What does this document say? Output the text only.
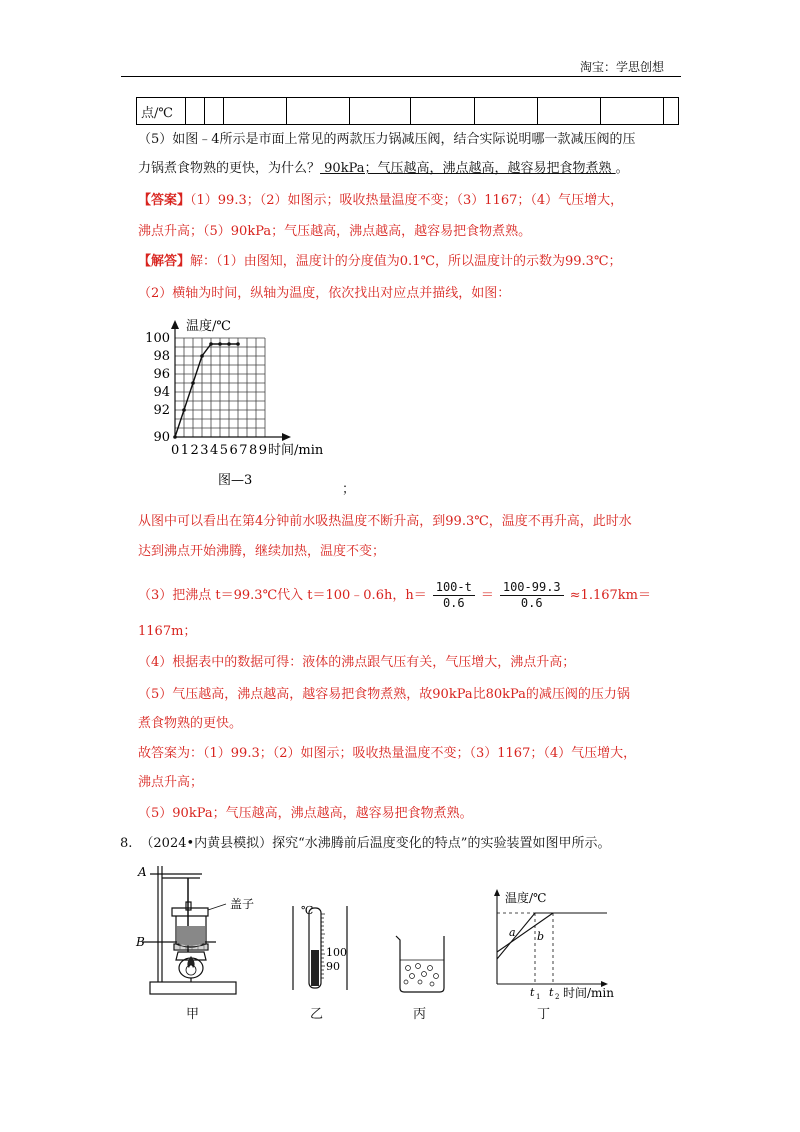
淘宝：学思创想
点/℃										
（5）如图﹣4所示是市面上常见的两款压力锅减压阀，结合实际说明哪一款减压阀的压
力锅煮食物熟的更快，为什么？ 90kPa；气压越高，沸点越高，越容易把食物煮熟 。
【答案】（1）99.3；（2）如图示；吸收热量温度不变；（3）1167；（4）气压增大，
沸点升高；（5）90kPa；气压越高，沸点越高，越容易把食物煮熟。
【解答】解：（1）由图知，温度计的分度值为0.1℃，所以温度计的示数为99.3℃；
（2）横轴为时间，纵轴为温度，依次找出对应点并描线，如图：
温度/℃
100
98
96
94
92
90
0123456789 时间/min
图—3
；
从图中可以看出在第4分钟前水吸热温度不断升高，到99.3℃，温度不再升高，此时水
达到沸点开始沸腾，继续加热，温度不变；
（3）把沸点 t＝99.3℃代入 t＝100﹣0.6h，$h= \frac{100-t}{0.6} = \frac{100-99.3}{0.6} \approx 1.167km=$
1167m；
（4）根据表中的数据可得：液体的沸点跟气压有关，气压增大，沸点升高；
（5）气压越高，沸点越高，越容易把食物煮熟，故90kPa比80kPa的减压阀的压力锅
煮食物熟的更快。
故答案为：（1）99.3；（2）如图示；吸收热量温度不变；（3）1167；（4）气压增大，
沸点升高；
（5）90kPa；气压越高，沸点越高，越容易把食物煮熟。
8. （2024•内黄县模拟）探究“水沸腾前后温度变化的特点”的实验装置如图甲所示。
A
B
盖子	℃
100
90
温度/℃
a b
t 1 t 2 时间/min
甲	乙	丙	丁
